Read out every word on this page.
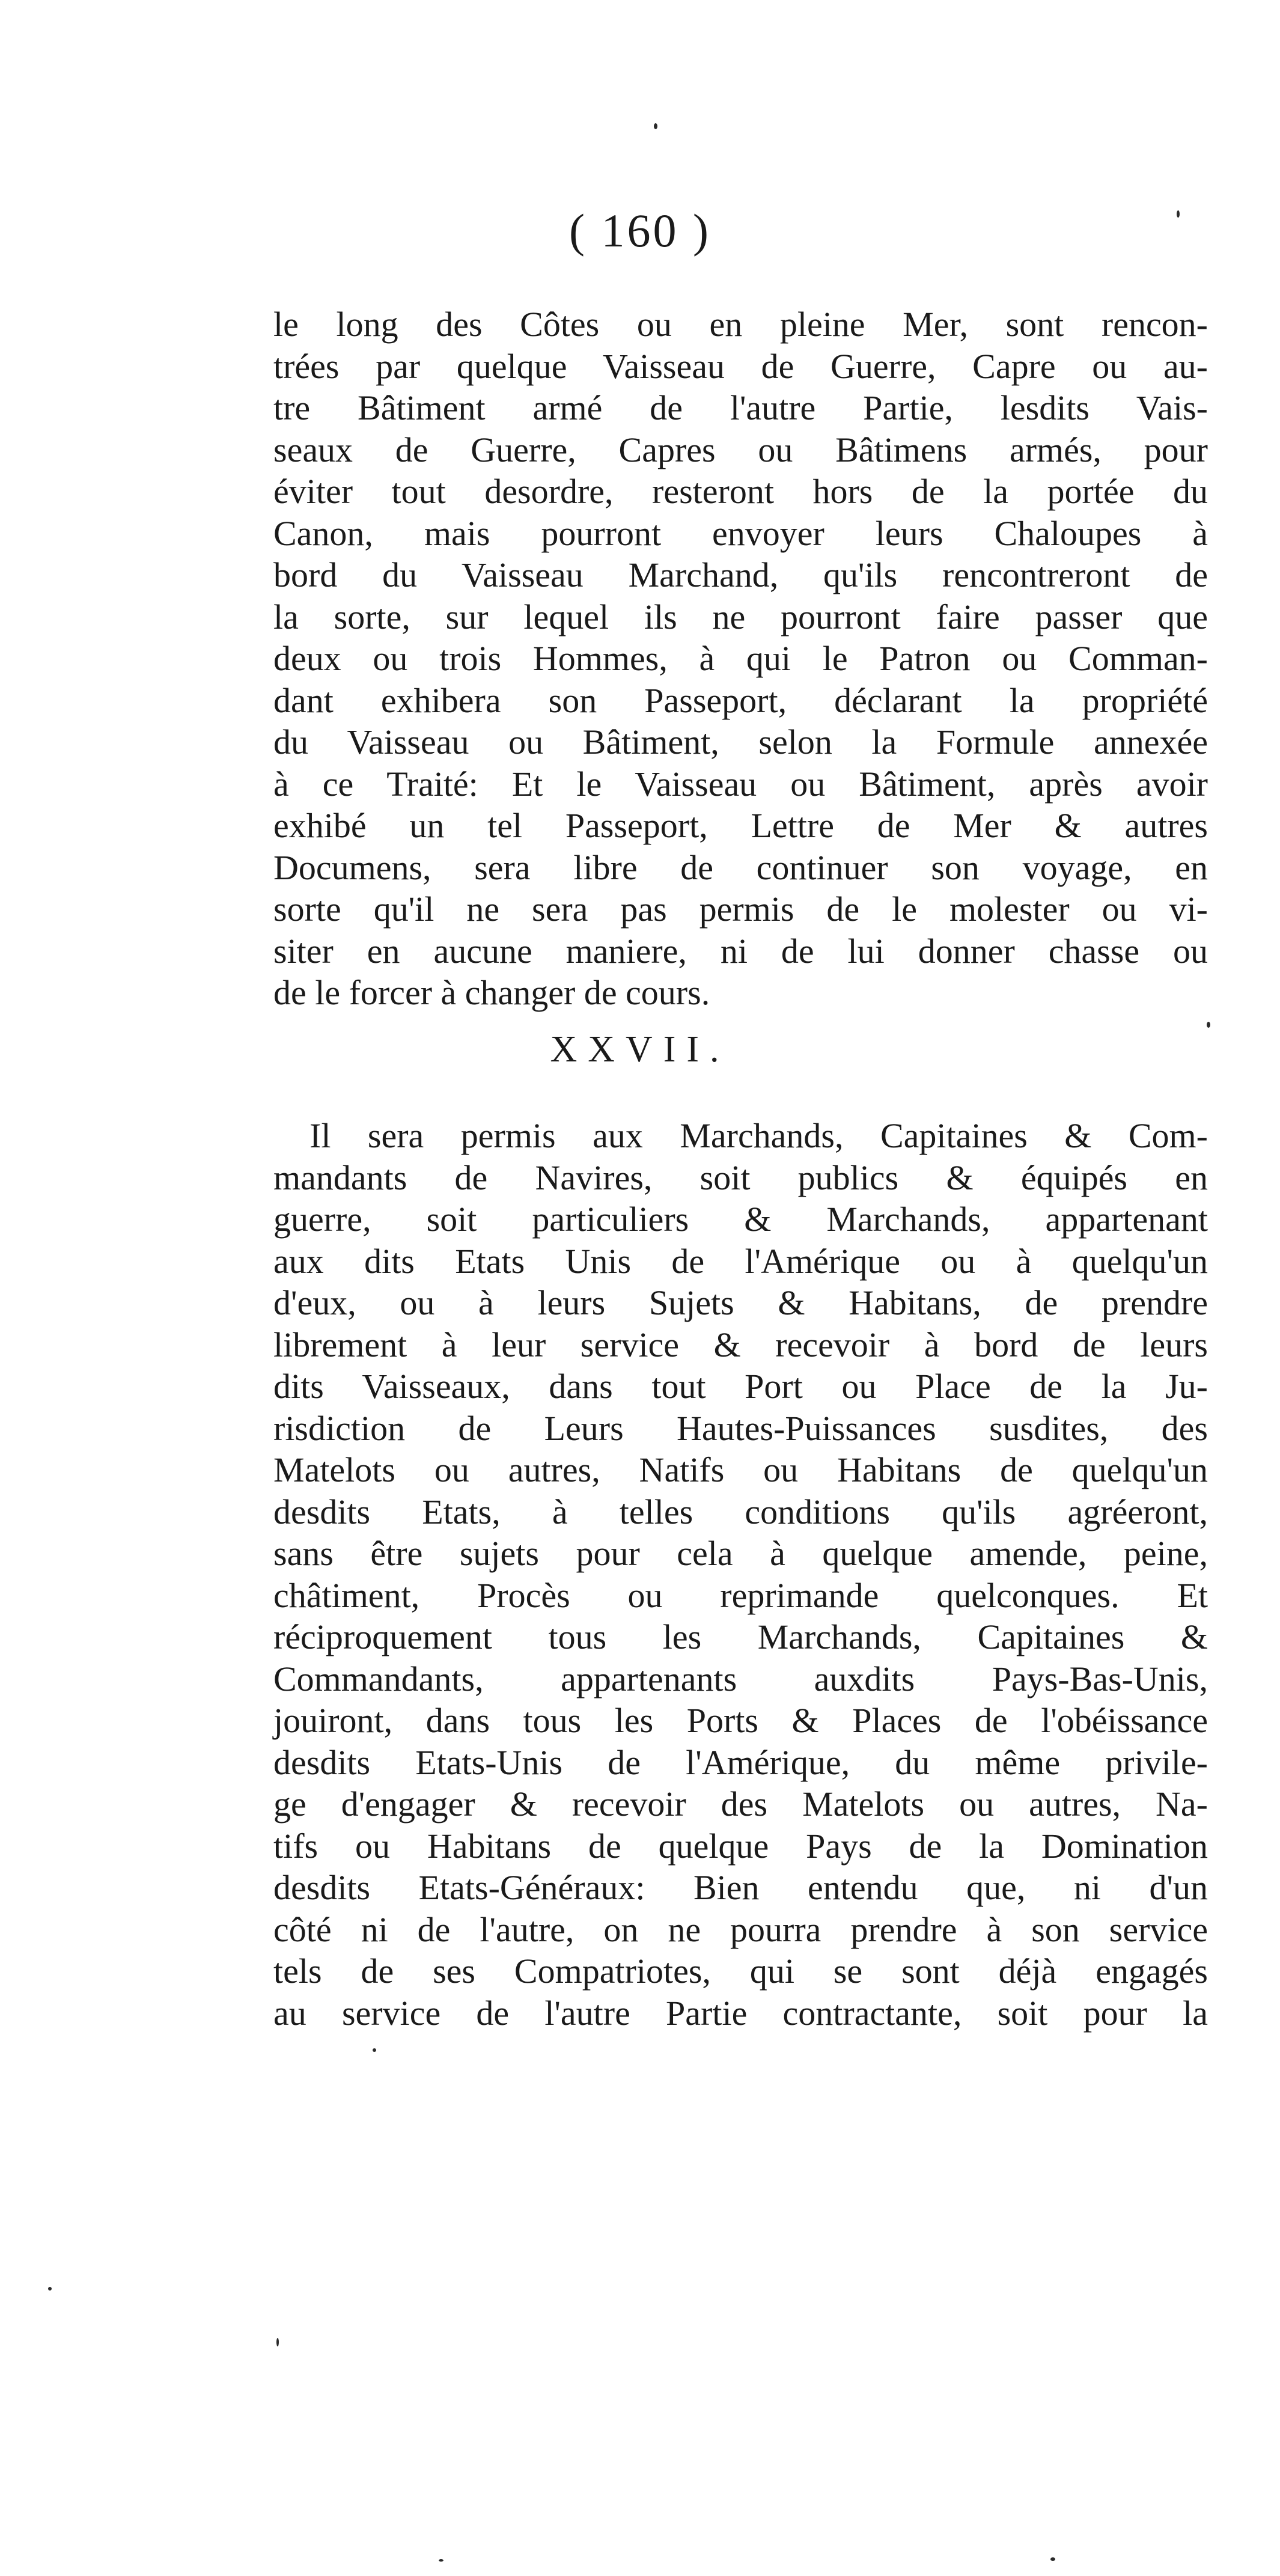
( 160 )
le long des Côtes ou en pleine Mer, sont rencon-
trées par quelque Vaisseau de Guerre, Capre ou au-
tre Bâtiment armé de l'autre Partie, lesdits Vais-
seaux de Guerre, Capres ou Bâtimens armés, pour
éviter tout desordre, resteront hors de la portée du
Canon, mais pourront envoyer leurs Chaloupes à
bord du Vaisseau Marchand, qu'ils rencontreront de
la sorte, sur lequel ils ne pourront faire passer que
deux ou trois Hommes, à qui le Patron ou Comman-
dant exhibera son Passeport, déclarant la propriété
du Vaisseau ou Bâtiment, selon la Formule annexée
à ce Traité: Et le Vaisseau ou Bâtiment, après avoir
exhibé un tel Passeport, Lettre de Mer & autres
Documens, sera libre de continuer son voyage, en
sorte qu'il ne sera pas permis de le molester ou vi-
siter en aucune maniere, ni de lui donner chasse ou
de le forcer à changer de cours.
XXVII.
Il sera permis aux Marchands, Capitaines & Com-
mandants de Navires, soit publics & équipés en
guerre, soit particuliers & Marchands, appartenant
aux dits Etats Unis de l'Amérique ou à quelqu'un
d'eux, ou à leurs Sujets & Habitans, de prendre
librement à leur service & recevoir à bord de leurs
dits Vaisseaux, dans tout Port ou Place de la Ju-
risdiction de Leurs Hautes-Puissances susdites, des
Matelots ou autres, Natifs ou Habitans de quelqu'un
desdits Etats, à telles conditions qu'ils agréeront,
sans être sujets pour cela à quelque amende, peine,
châtiment, Procès ou reprimande quelconques. Et
réciproquement tous les Marchands, Capitaines &
Commandants, appartenants auxdits Pays-Bas-Unis,
jouiront, dans tous les Ports & Places de l'obéissance
desdits Etats-Unis de l'Amérique, du même privile-
ge d'engager & recevoir des Matelots ou autres, Na-
tifs ou Habitans de quelque Pays de la Domination
desdits Etats-Généraux: Bien entendu que, ni d'un
côté ni de l'autre, on ne pourra prendre à son service
tels de ses Compatriotes, qui se sont déjà engagés
au service de l'autre Partie contractante, soit pour la
